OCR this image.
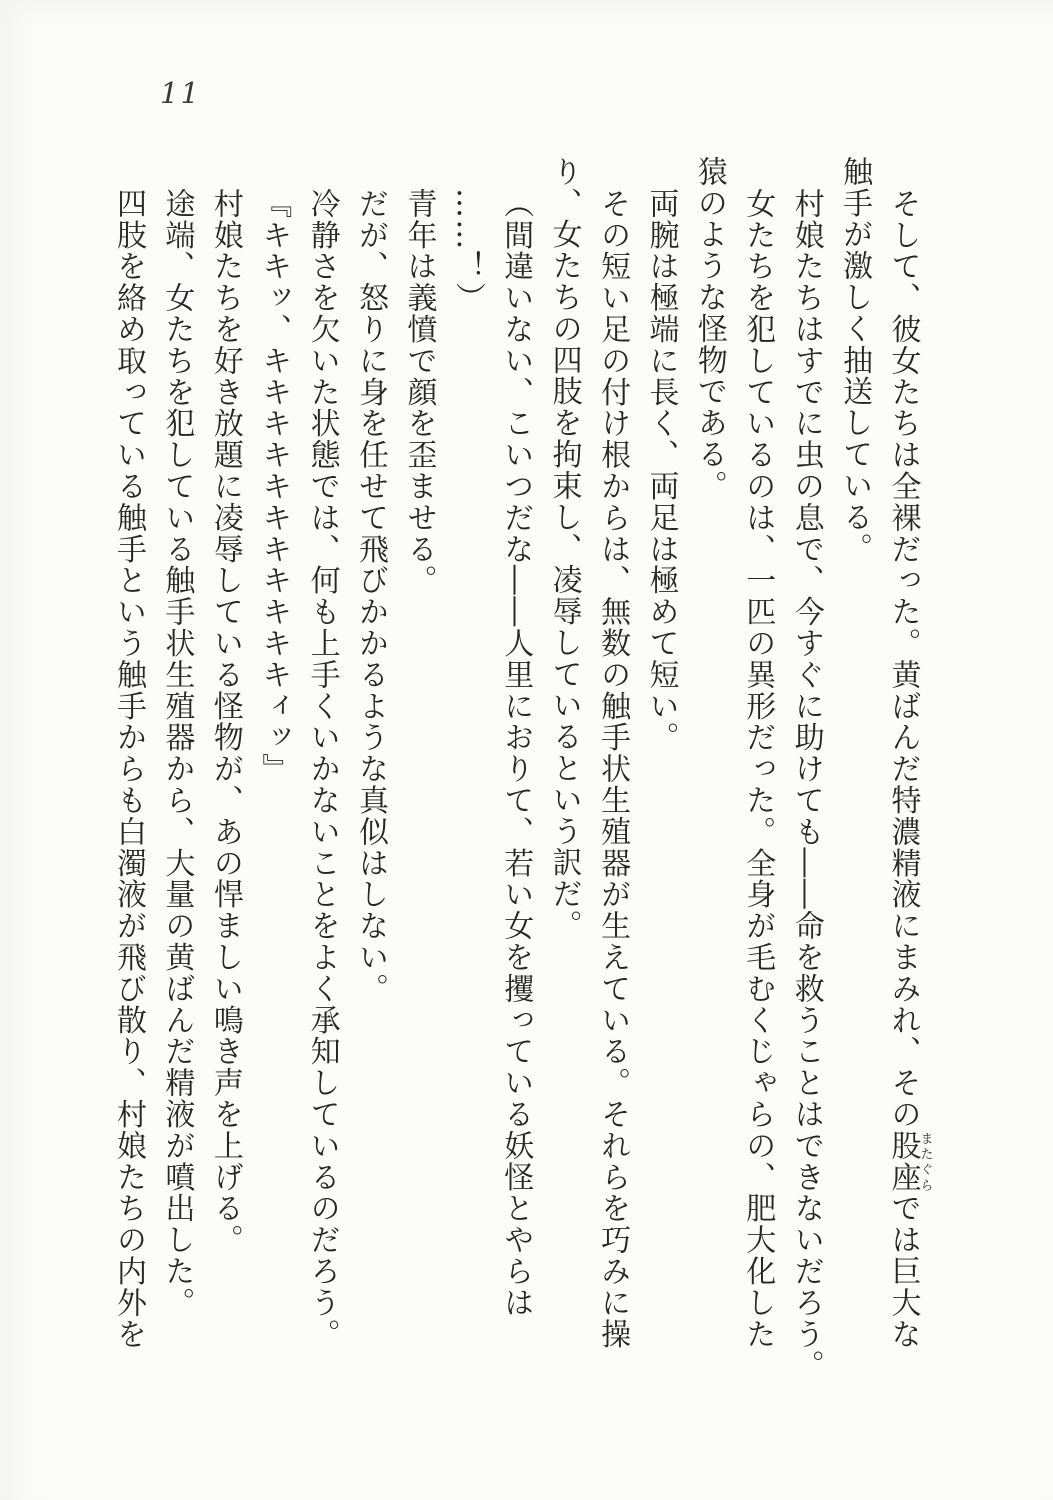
11

そして、彼女たちは全裸だった。黄ばんだ特濃精液にまみれ、その股座またぐらでは巨大な

触手が激しく抽送している。

村娘たちはすでに虫の息で、今すぐに助けても――命を救うことはできないだろう。

女たちを犯しているのは、一匹の異形だった。全身が毛むくじゃらの、肥大化した

猿のような怪物である。

両腕は極端に長く、両足は極めて短い。

その短い足の付け根からは、無数の触手状生殖器が生えている。それらを巧みに操

り、女たちの四肢を拘束し、凌辱しているという訳だ。

（間違いない、こいつだな――人里におりて、若い女を攫っている妖怪とやらは

……！）

青年は義憤で顔を歪ませる。

だが、怒りに身を任せて飛びかかるような真似はしない。

冷静さを欠いた状態では、何も上手くいかないことをよく承知しているのだろう。

『キキッ、キキキキキキキキキキキィッ』

村娘たちを好き放題に凌辱している怪物が、あの悍ましい鳴き声を上げる。

途端、女たちを犯している触手状生殖器から、大量の黄ばんだ精液が噴出した。

四肢を絡め取っている触手という触手からも白濁液が飛び散り、村娘たちの内外を
